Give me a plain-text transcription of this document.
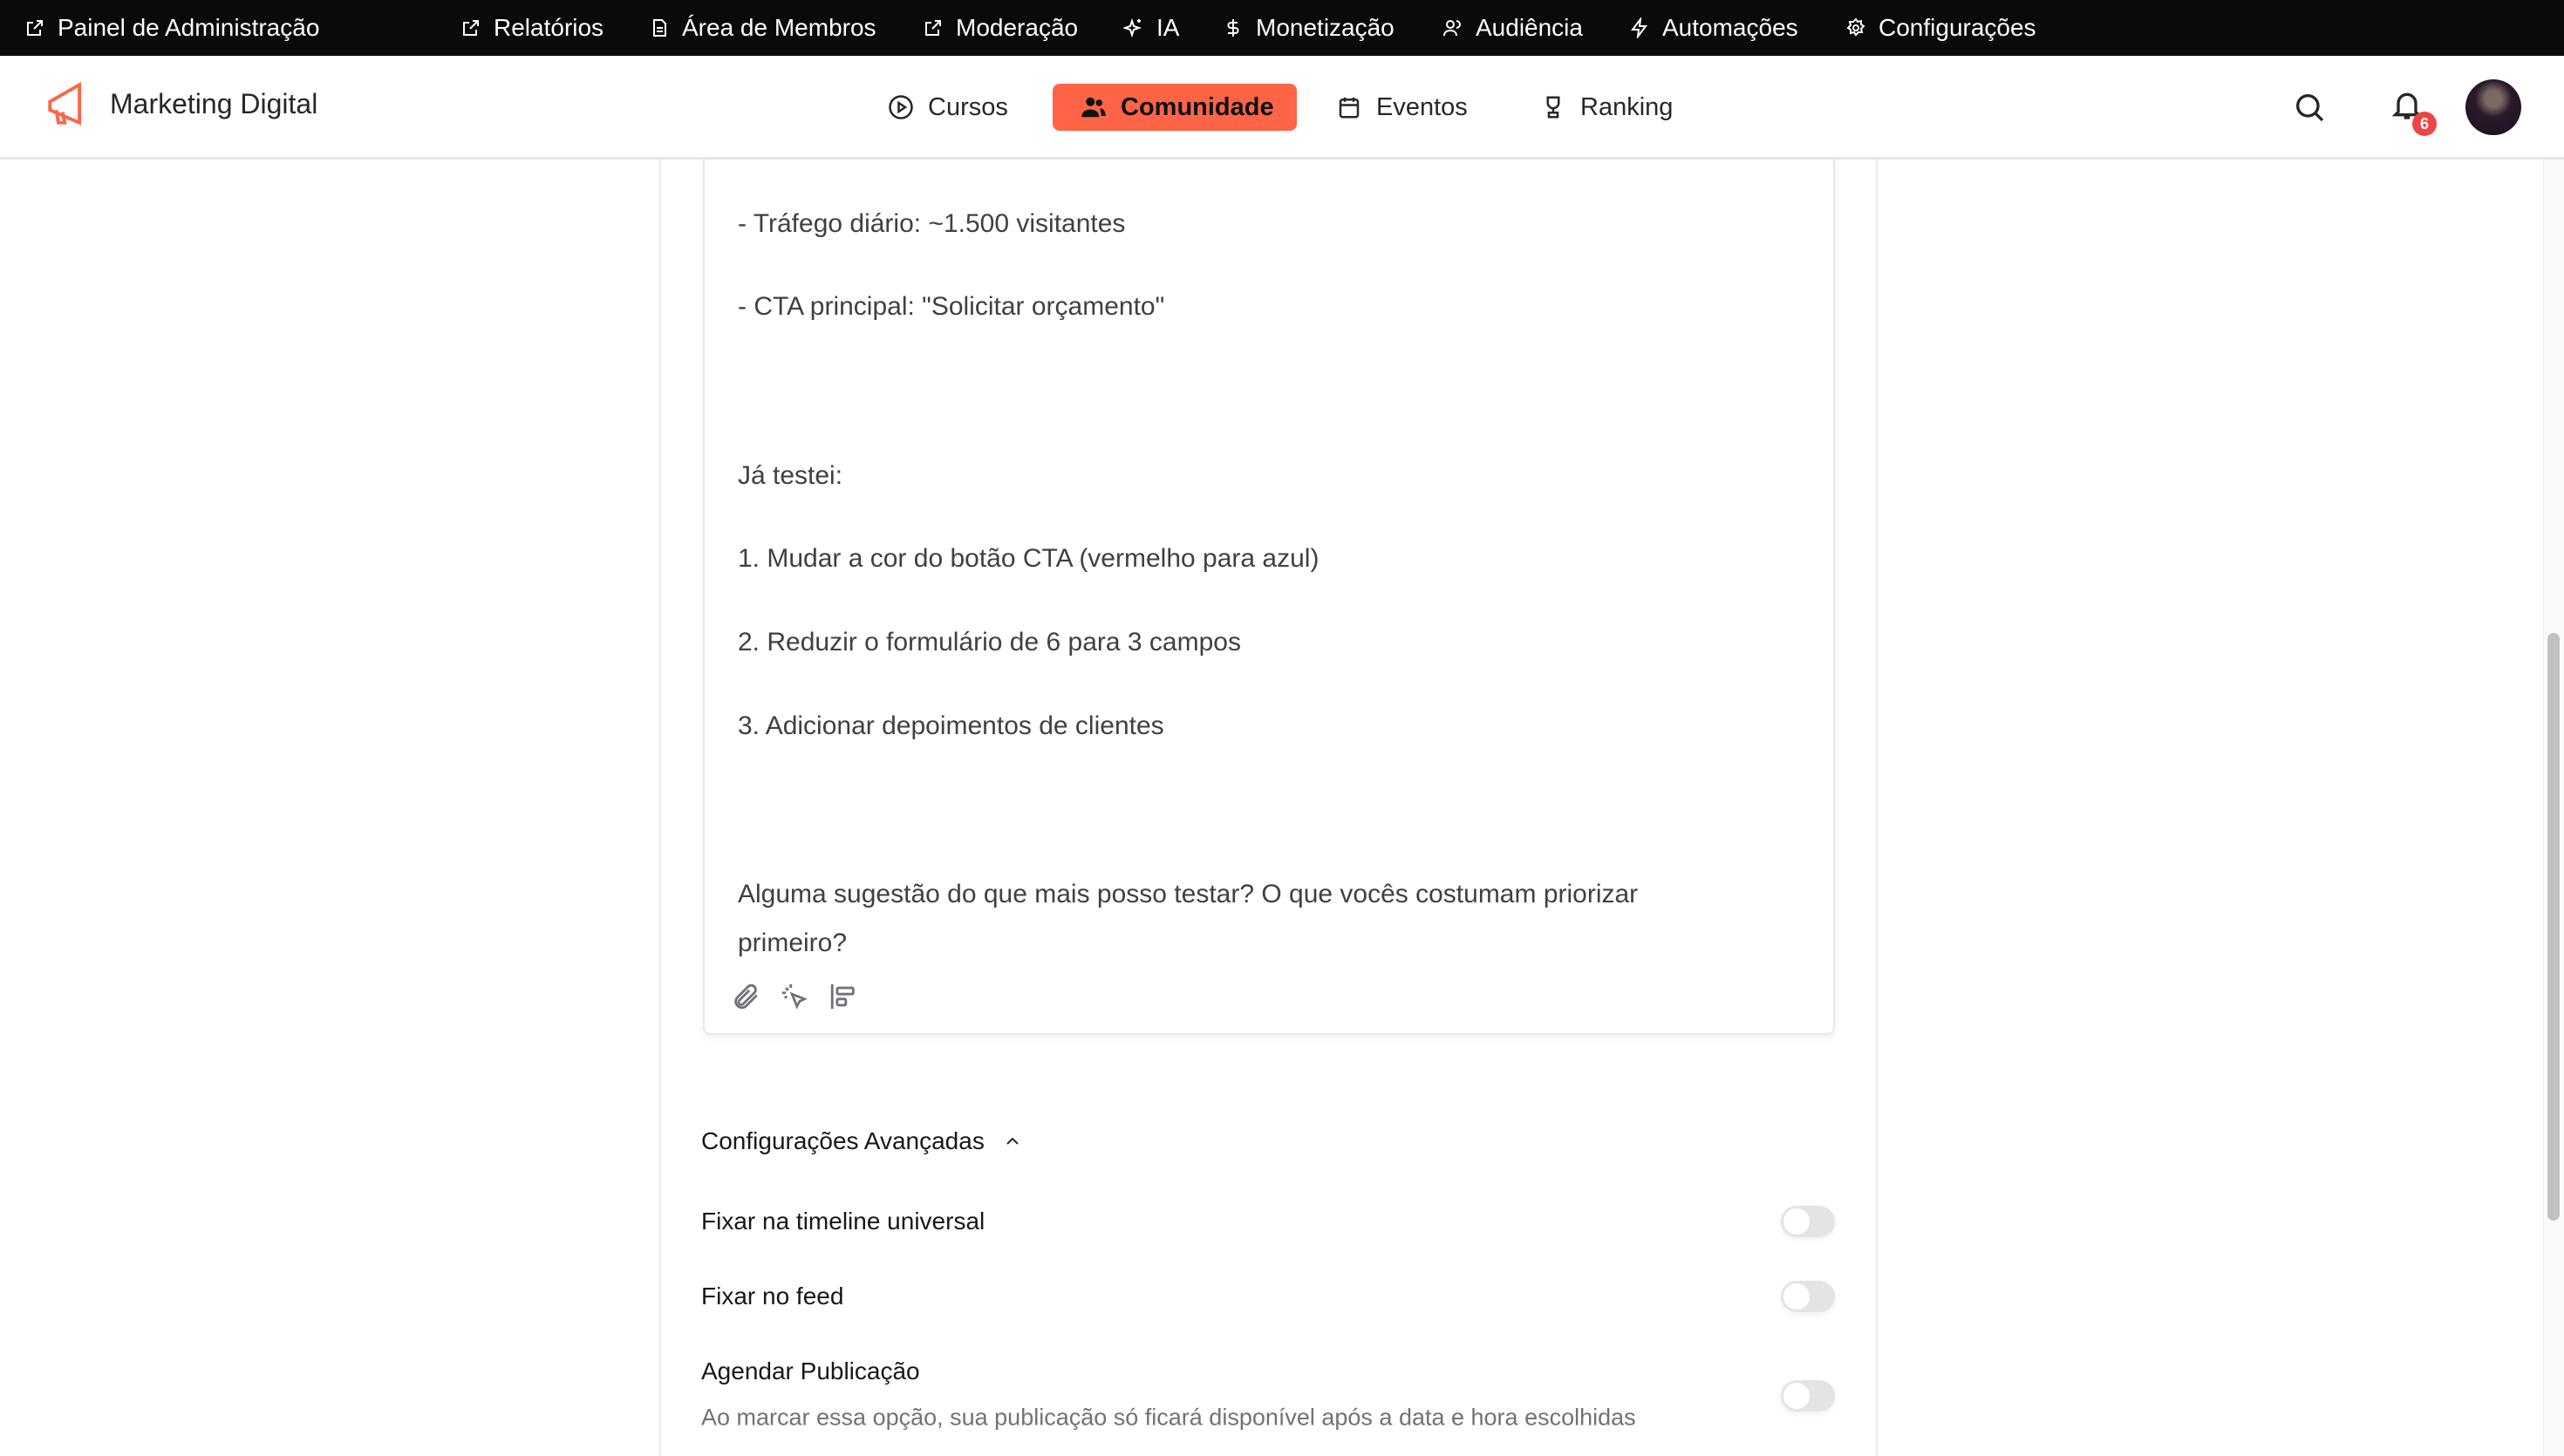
Painel de Administração	Relatórios	Área de Membros	Moderação	IA	Monetização	Audiência	Automações	Configurações
Marketing Digital	Cursos	Comunidade	Eventos	Ranking
6
- Tráfego diário: ~1.500 visitantes
- CTA principal: "Solicitar orçamento"
Já testei:
1. Mudar a cor do botão CTA (vermelho para azul)
2. Reduzir o formulário de 6 para 3 campos
3. Adicionar depoimentos de clientes
Alguma sugestão do que mais posso testar? O que vocês costumam priorizar
primeiro?
Configurações Avançadas
Fixar na timeline universal
Fixar no feed
Agendar Publicação
Ao marcar essa opção, sua publicação só ficará disponível após a data e hora escolhidas
